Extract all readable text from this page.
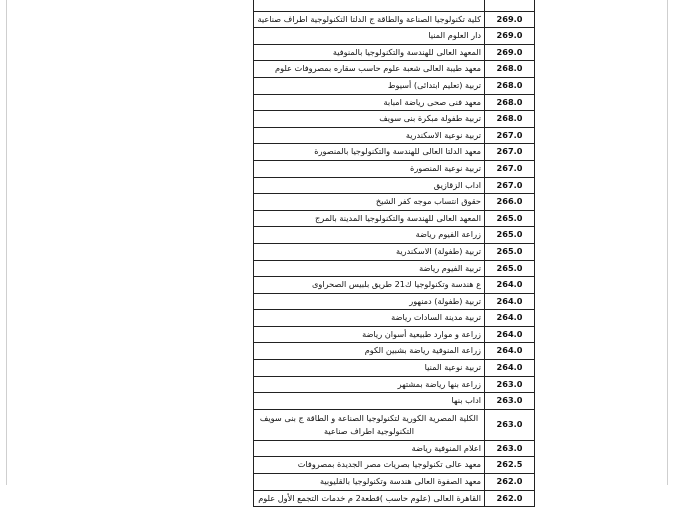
كلية تكنولوجيا الصناعة والطاقة ج الدلتا التكنولوجية اطراف صناعية	269.0
دار العلوم المنيا	269.0
المعهد العالى للهندسة والتكنولوجيا بالمنوفية	269.0
معهد طيبة العالى شعبة علوم حاسب سقاره بمصروفات علوم	268.0
تربية (تعليم ابتدائى) أسيوط	268.0
معهد فنى صحى رياضة امبابة	268.0
تربية طفولة مبكرة بنى سويف	268.0
تربية نوعية الاسكندرية	267.0
معهد الدلتا العالى للهندسة والتكنولوجيا بالمنصورة	267.0
تربية نوعية المنصورة	267.0
اداب الزقازيق	267.0
حقوق انتساب موجه كفر الشيخ	266.0
المعهد العالى للهندسة والتكنولوجيا المدينة بالمرج	265.0
زراعة الفيوم رياضة	265.0
تربية (طفولة) الاسكندرية	265.0
تربية الفيوم رياضة	265.0
ع هندسة وتكنولوجيا ك21 طريق بلبيس الصحراوى	264.0
تربية (طفولة) دمنهور	264.0
تربية مدينة السادات رياضة	264.0
زراعة و موارد طبيعية أسوان رياضة	264.0
زراعة المنوفية رياضة بشبين الكوم	264.0
تربية نوعية المنيا	264.0
زراعة بنها رياضة بمشتهر	263.0
اداب بنها	263.0
الكلية المصرية الكورية لتكنولوجيا الصناعة و الطاقة ج بنى سويف التكنولوجية اطراف صناعية	263.0
اعلام المنوفية رياضة	263.0
معهد عالى تكنولوجيا بصريات مصر الجديدة بمصروفات	262.5
معهد الصفوة العالى هندسة وتكنولوجيا بالقليوبية	262.0
القاهرة العالى (علوم حاسب )قطعة2 م خدمات التجمع الأول علوم	262.0
